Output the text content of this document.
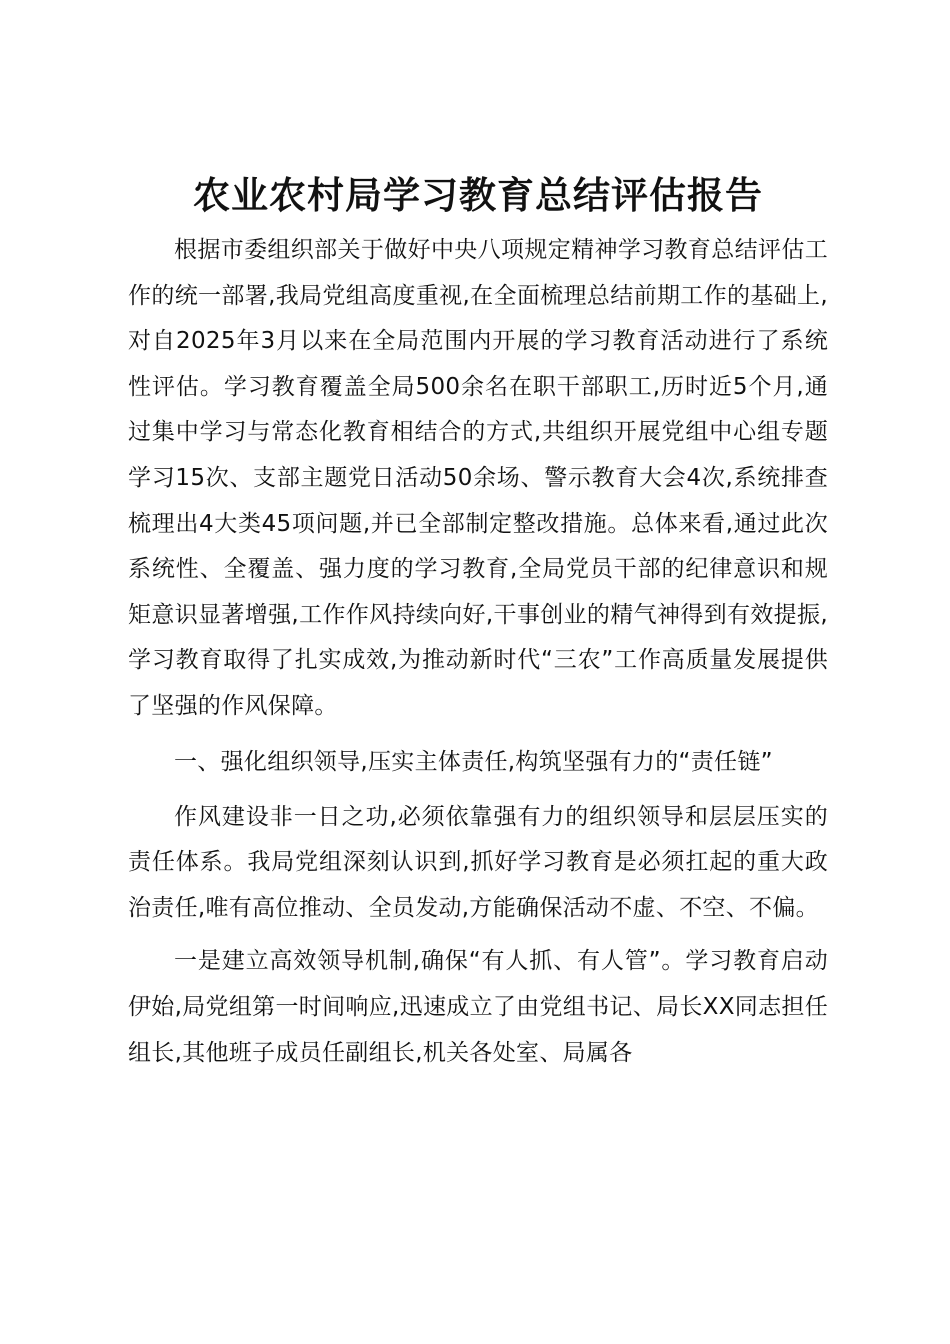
农业农村局学习教育总结评估报告

根据市委组织部关于做好中央八项规定精神学习教育总结评估工作的统一部署,我局党组高度重视,在全面梳理总结前期工作的基础上,对自2025年3月以来在全局范围内开展的学习教育活动进行了系统性评估。学习教育覆盖全局500余名在职干部职工,历时近5个月,通过集中学习与常态化教育相结合的方式,共组织开展党组中心组专题学习15次、支部主题党日活动50余场、警示教育大会4次,系统排查梳理出4大类45项问题,并已全部制定整改措施。总体来看,通过此次系统性、全覆盖、强力度的学习教育,全局党员干部的纪律意识和规矩意识显著增强,工作作风持续向好,干事创业的精气神得到有效提振,学习教育取得了扎实成效,为推动新时代“三农”工作高质量发展提供了坚强的作风保障。

一、强化组织领导,压实主体责任,构筑坚强有力的“责任链”

作风建设非一日之功,必须依靠强有力的组织领导和层层压实的责任体系。我局党组深刻认识到,抓好学习教育是必须扛起的重大政治责任,唯有高位推动、全员发动,方能确保活动不虚、不空、不偏。

一是建立高效领导机制,确保“有人抓、有人管”。学习教育启动伊始,局党组第一时间响应,迅速成立了由党组书记、局长XX同志担任组长,其他班子成员任副组长,机关各处室、局属各
